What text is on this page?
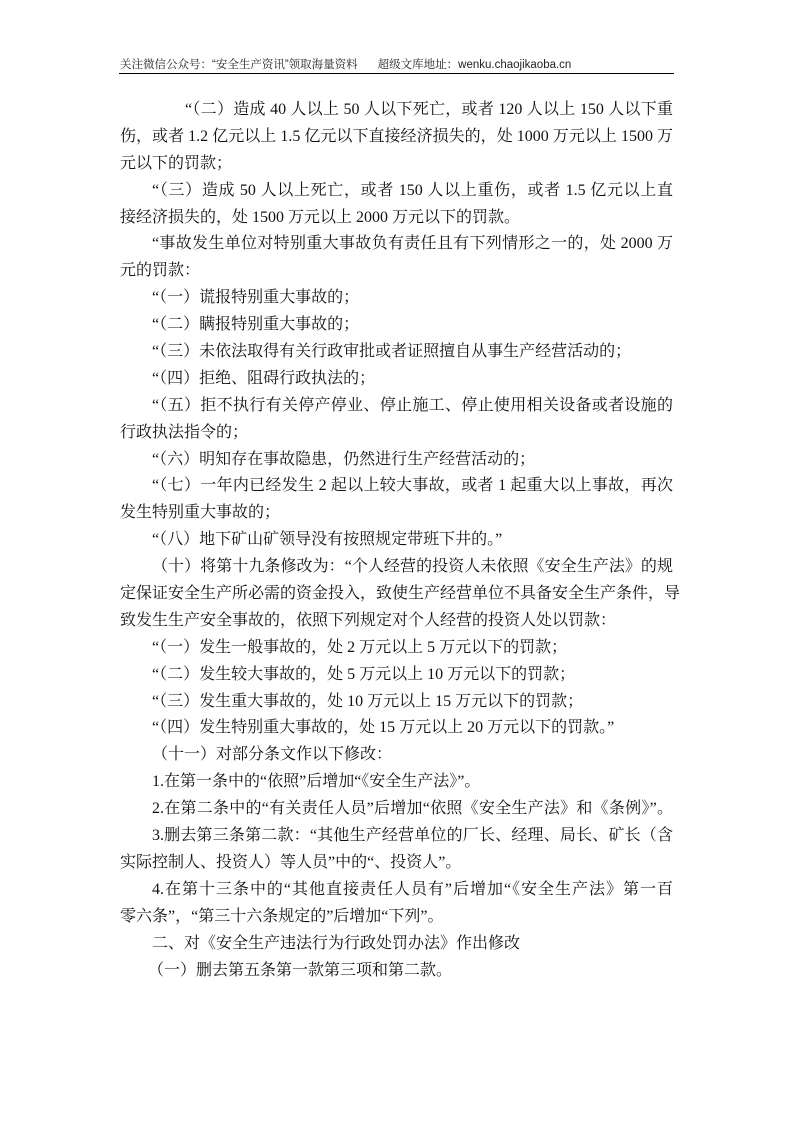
关注微信公众号：“安全生产资讯”领取海量资料 超级文库地址：wenku.chaojikaoba.cn
“（二）造成 40 人以上 50 人以下死亡，或者 120 人以上 150 人以下重
伤，或者 1.2 亿元以上 1.5 亿元以下直接经济损失的，处 1000 万元以上 1500 万
元以下的罚款；
“（三）造成 50 人以上死亡，或者 150 人以上重伤，或者 1.5 亿元以上直
接经济损失的，处 1500 万元以上 2000 万元以下的罚款。
“事故发生单位对特别重大事故负有责任且有下列情形之一的，处 2000 万
元的罚款：
“（一）谎报特别重大事故的；
“（二）瞒报特别重大事故的；
“（三）未依法取得有关行政审批或者证照擅自从事生产经营活动的；
“（四）拒绝、阻碍行政执法的；
“（五）拒不执行有关停产停业、停止施工、停止使用相关设备或者设施的
行政执法指令的；
“（六）明知存在事故隐患，仍然进行生产经营活动的；
“（七）一年内已经发生 2 起以上较大事故，或者 1 起重大以上事故，再次
发生特别重大事故的；
“（八）地下矿山矿领导没有按照规定带班下井的。”
（十）将第十九条修改为：“个人经营的投资人未依照《安全生产法》的规
定保证安全生产所必需的资金投入，致使生产经营单位不具备安全生产条件，导
致发生生产安全事故的，依照下列规定对个人经营的投资人处以罚款：
“（一）发生一般事故的，处 2 万元以上 5 万元以下的罚款；
“（二）发生较大事故的，处 5 万元以上 10 万元以下的罚款；
“（三）发生重大事故的，处 10 万元以上 15 万元以下的罚款；
“（四）发生特别重大事故的，处 15 万元以上 20 万元以下的罚款。”
（十一）对部分条文作以下修改：
1.在第一条中的“依照”后增加“《安全生产法》”。
2.在第二条中的“有关责任人员”后增加“依照《安全生产法》和《条例》”。
3.删去第三条第二款：“其他生产经营单位的厂长、经理、局长、矿长（含
实际控制人、投资人）等人员”中的“、投资人”。
4.在第十三条中的“其他直接责任人员有”后增加“《安全生产法》第一百
零六条”，“第三十六条规定的”后增加“下列”。
二、对《安全生产违法行为行政处罚办法》作出修改
（一）删去第五条第一款第三项和第二款。
